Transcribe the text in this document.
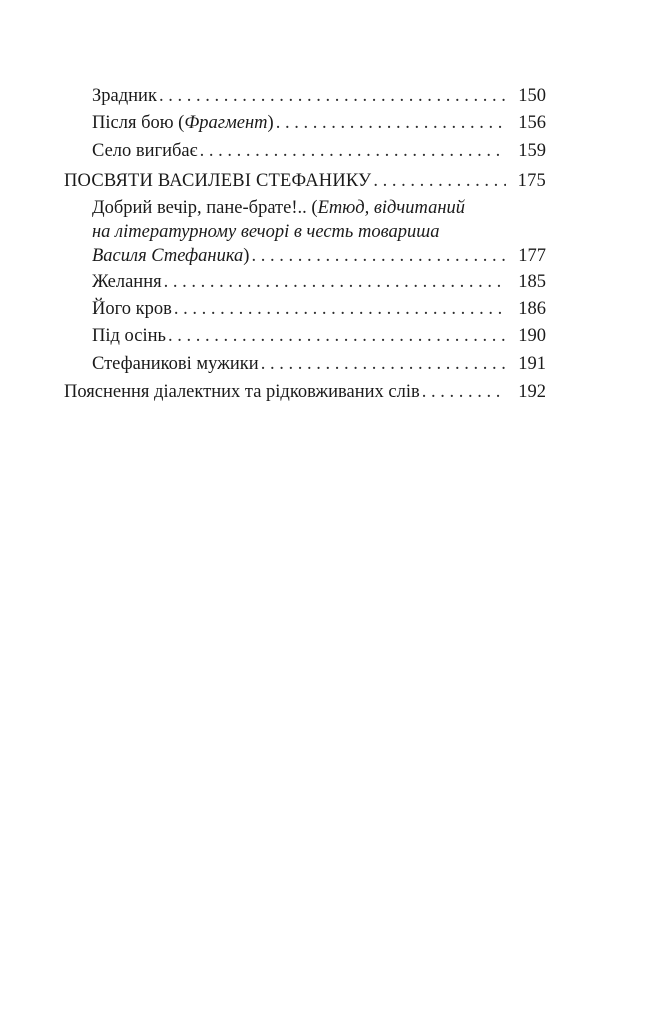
Зрадник . . .	150
Після бою (Фрагмент) . . .	156
Село вигибає . . .	159
ПОСВЯТИ ВАСИЛЕВІ СТЕФАНИКУ . . .	175
Добрий вечір, пане-брате!.. (Етюд, відчитаний
на літературному вечорі в честь товариша
Василя Стефаника) . . .	177
Желання . . .	185
Його кров . . .	186
Під осінь . . .	190
Стефаникові мужики . . .	191
Пояснення діалектних та рідковживаних слів . . .	192
